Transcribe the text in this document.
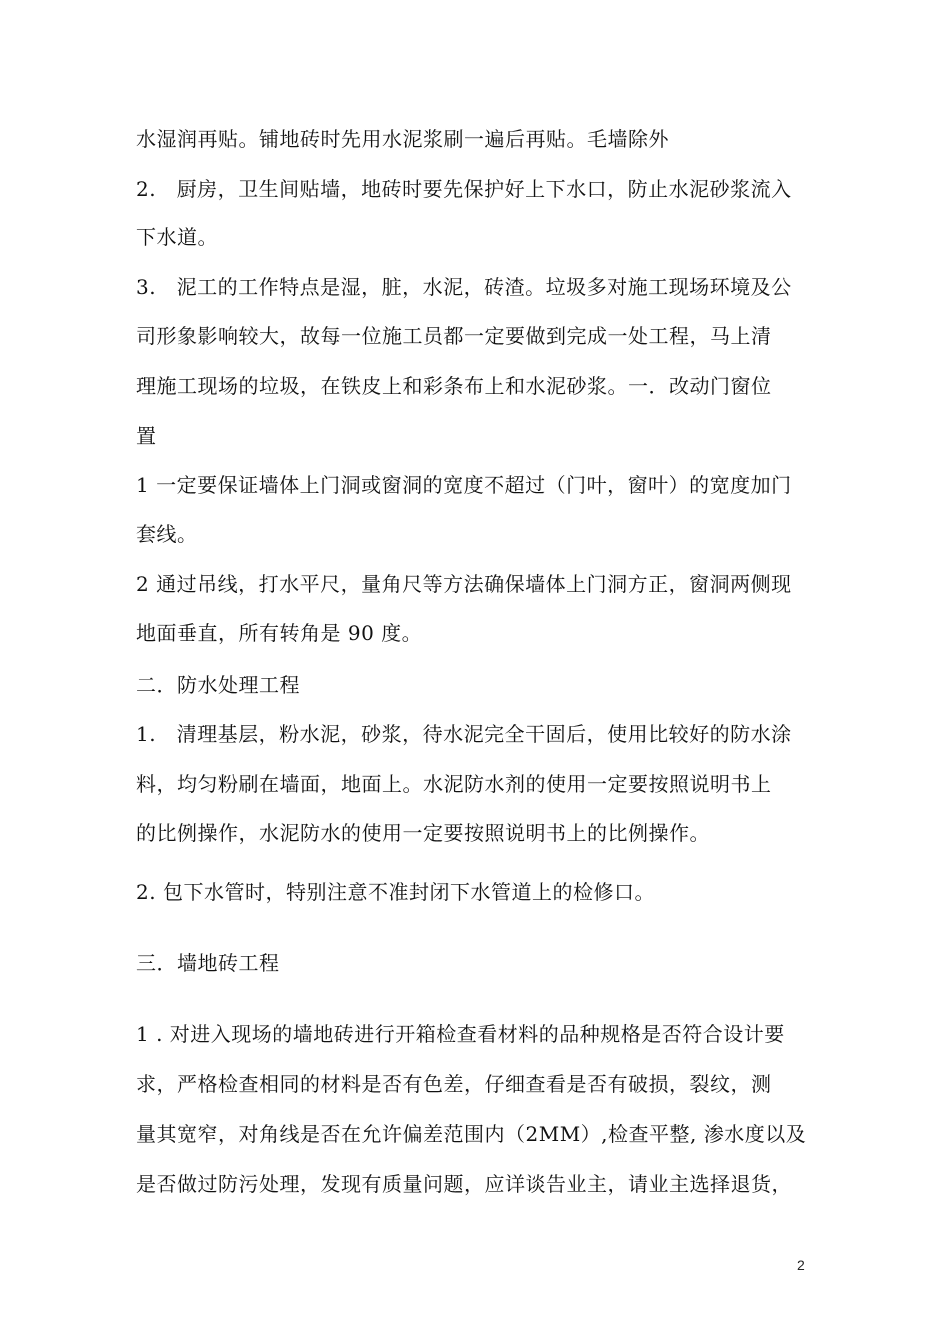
水湿润再贴。铺地砖时先用水泥浆刷一遍后再贴。毛墙除外
2.　厨房，卫生间贴墙，地砖时要先保护好上下水口，防止水泥砂浆流入
下水道。
3.　泥工的工作特点是湿，脏，水泥，砖渣。垃圾多对施工现场环境及公
司形象影响较大，故每一位施工员都一定要做到完成一处工程，马上清
理施工现场的垃圾，在铁皮上和彩条布上和水泥砂浆。一．改动门窗位
置
1 一定要保证墙体上门洞或窗洞的宽度不超过（门叶，窗叶）的宽度加门
套线。
2 通过吊线，打水平尺，量角尺等方法确保墙体上门洞方正，窗洞两侧现
地面垂直，所有转角是 90 度。
二．防水处理工程
1.　清理基层，粉水泥，砂浆，待水泥完全干固后，使用比较好的防水涂
料，均匀粉刷在墙面，地面上。水泥防水剂的使用一定要按照说明书上
的比例操作，水泥防水的使用一定要按照说明书上的比例操作。
2. 包下水管时，特别注意不准封闭下水管道上的检修口。
三．墙地砖工程
1 . 对进入现场的墙地砖进行开箱检查看材料的品种规格是否符合设计要
求，严格检查相同的材料是否有色差，仔细查看是否有破损，裂纹，测
量其宽窄，对角线是否在允许偏差范围内（2MM）,检查平整, 渗水度以及
是否做过防污处理，发现有质量问题，应详谈告业主，请业主选择退货，
2
